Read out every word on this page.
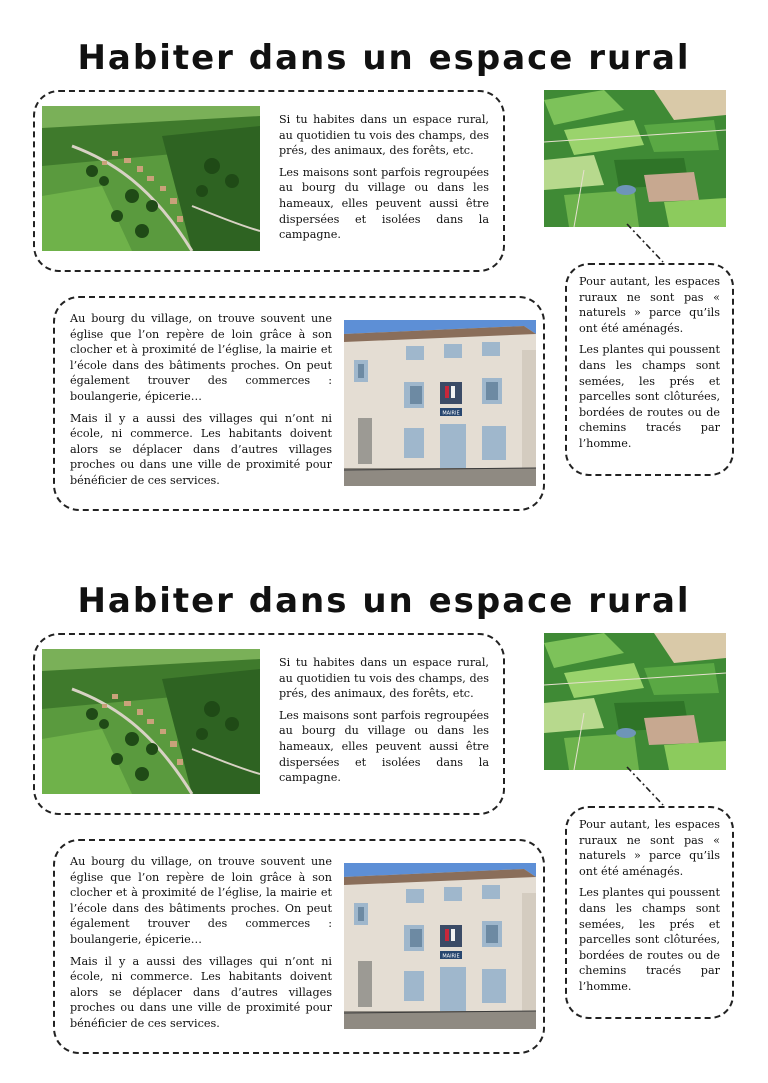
Habiter dans un espace rural
MAIRIE

Si tu habites dans un espace rural, au quotidien tu vois des champs, des prés, des animaux, des forêts, etc.

Les maisons sont parfois regroupées au bourg du village ou dans les hameaux, elles peuvent aussi être dispersées et isolées dans la campagne.

Pour autant, les espaces ruraux ne sont pas « naturels » parce qu’ils ont été aménagés.

Les plantes qui poussent dans les champs sont semées, les prés et parcelles sont clôturées, bordées de routes ou de chemins tracés par l’homme.

Au bourg du village, on trouve souvent une église que l’on repère de loin grâce à son clocher et à proximité de l’église, la mairie et l’école dans des bâtiments proches. On peut également trouver des commerces : boulangerie, épicerie…

Mais il y a aussi des villages qui n’ont ni école, ni commerce. Les habitants doivent alors se déplacer dans d’autres villages proches ou dans une ville de proximité pour bénéficier de ces services.

Habiter dans un espace rural
MAIRIE

Si tu habites dans un espace rural, au quotidien tu vois des champs, des prés, des animaux, des forêts, etc.

Les maisons sont parfois regroupées au bourg du village ou dans les hameaux, elles peuvent aussi être dispersées et isolées dans la campagne.

Pour autant, les espaces ruraux ne sont pas « naturels » parce qu’ils ont été aménagés.

Les plantes qui poussent dans les champs sont semées, les prés et parcelles sont clôturées, bordées de routes ou de chemins tracés par l’homme.

Au bourg du village, on trouve souvent une église que l’on repère de loin grâce à son clocher et à proximité de l’église, la mairie et l’école dans des bâtiments proches. On peut également trouver des commerces : boulangerie, épicerie…

Mais il y a aussi des villages qui n’ont ni école, ni commerce. Les habitants doivent alors se déplacer dans d’autres villages proches ou dans une ville de proximité pour bénéficier de ces services.
